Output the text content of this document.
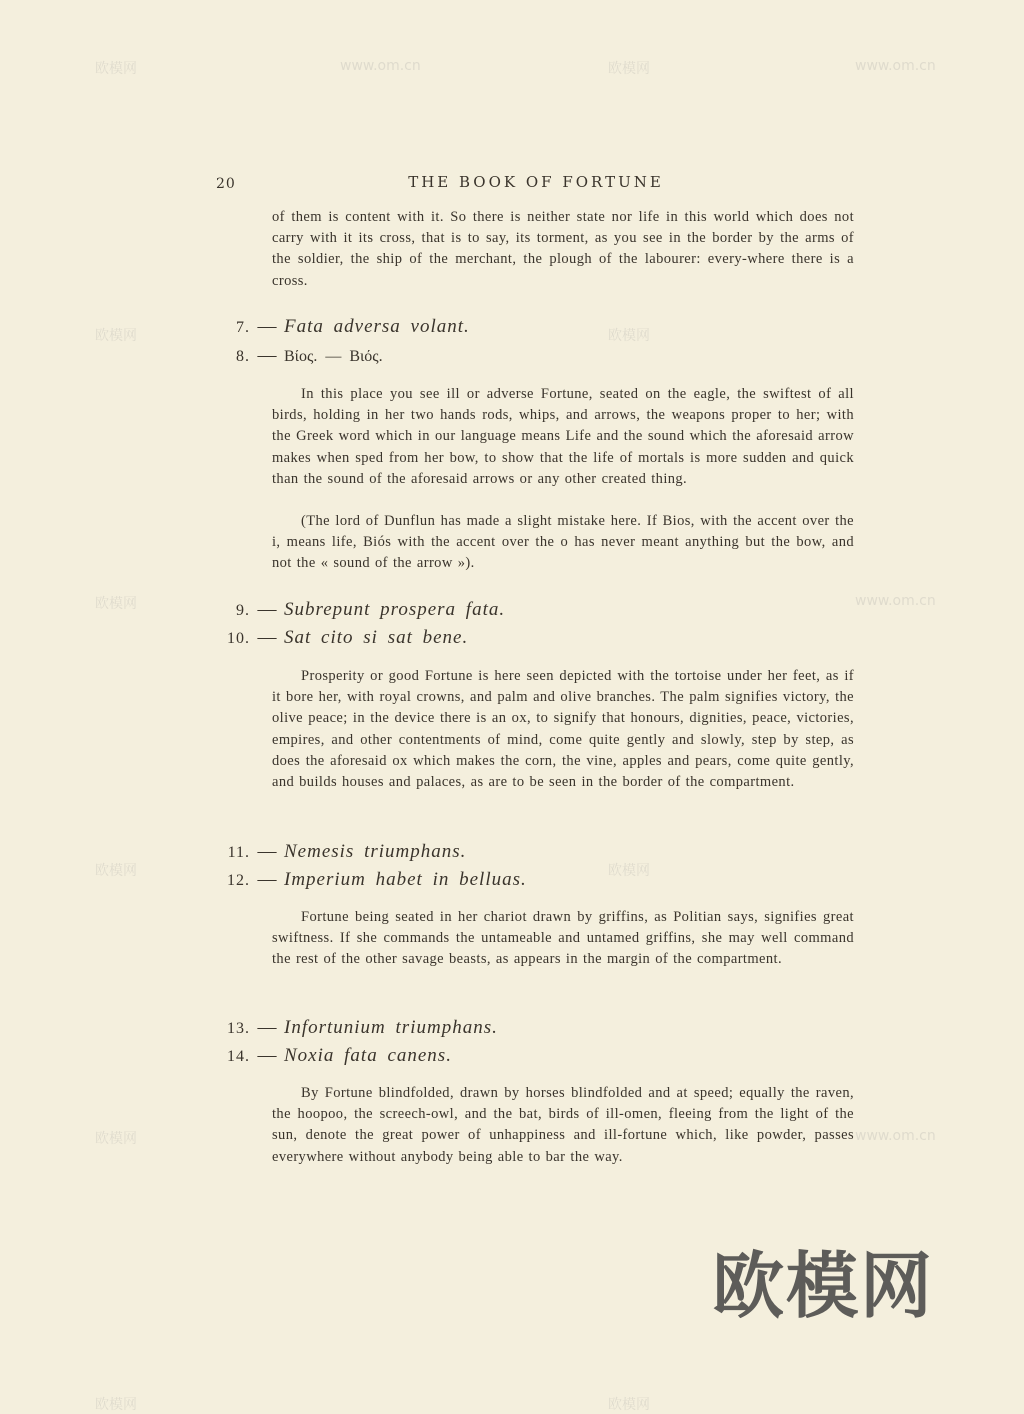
20	THE BOOK OF FORTUNE

of them is content with it. So there is neither state nor life in this world which does not carry with it its cross, that is to say, its torment, as you see in the border by the arms of the soldier, the ship of the merchant, the plough of the labourer: every-where there is a cross.

7. — Fata adversa volant.
8. — Βίος. — Βιός.

In this place you see ill or adverse Fortune, seated on the eagle, the swiftest of all birds, holding in her two hands rods, whips, and arrows, the weapons proper to her; with the Greek word which in our language means Life and the sound which the aforesaid arrow makes when sped from her bow, to show that the life of mortals is more sudden and quick than the sound of the aforesaid arrows or any other created thing.

(The lord of Dunflun has made a slight mistake here. If Bios, with the accent over the i, means life, Biós with the accent over the o has never meant anything but the bow, and not the « sound of the arrow »).

9. — Subrepunt prospera fata.
10. — Sat cito si sat bene.

Prosperity or good Fortune is here seen depicted with the tortoise under her feet, as if it bore her, with royal crowns, and palm and olive branches. The palm signifies victory, the olive peace; in the device there is an ox, to signify that honours, dignities, peace, victories, empires, and other contentments of mind, come quite gently and slowly, step by step, as does the aforesaid ox which makes the corn, the vine, apples and pears, come quite gently, and builds houses and palaces, as are to be seen in the border of the compartment.

11. — Nemesis triumphans.
12. — Imperium habet in belluas.

Fortune being seated in her chariot drawn by griffins, as Politian says, signifies great swiftness. If she commands the untameable and untamed griffins, she may well command the rest of the other savage beasts, as appears in the margin of the compartment.

13. — Infortunium triumphans.
14. — Noxia fata canens.

By Fortune blindfolded, drawn by horses blindfolded and at speed; equally the raven, the hoopoo, the screech-owl, and the bat, birds of ill-omen, fleeing from the light of the sun, denote the great power of unhappiness and ill-fortune which, like powder, passes everywhere without anybody being able to bar the way.

欧模网	www.om.cn	欧模网	www.om.cn
欧模网	欧模网
欧模网	www.om.cn
欧模网	欧模网
欧模网	www.om.cn
欧模网	欧模网
欧模网
